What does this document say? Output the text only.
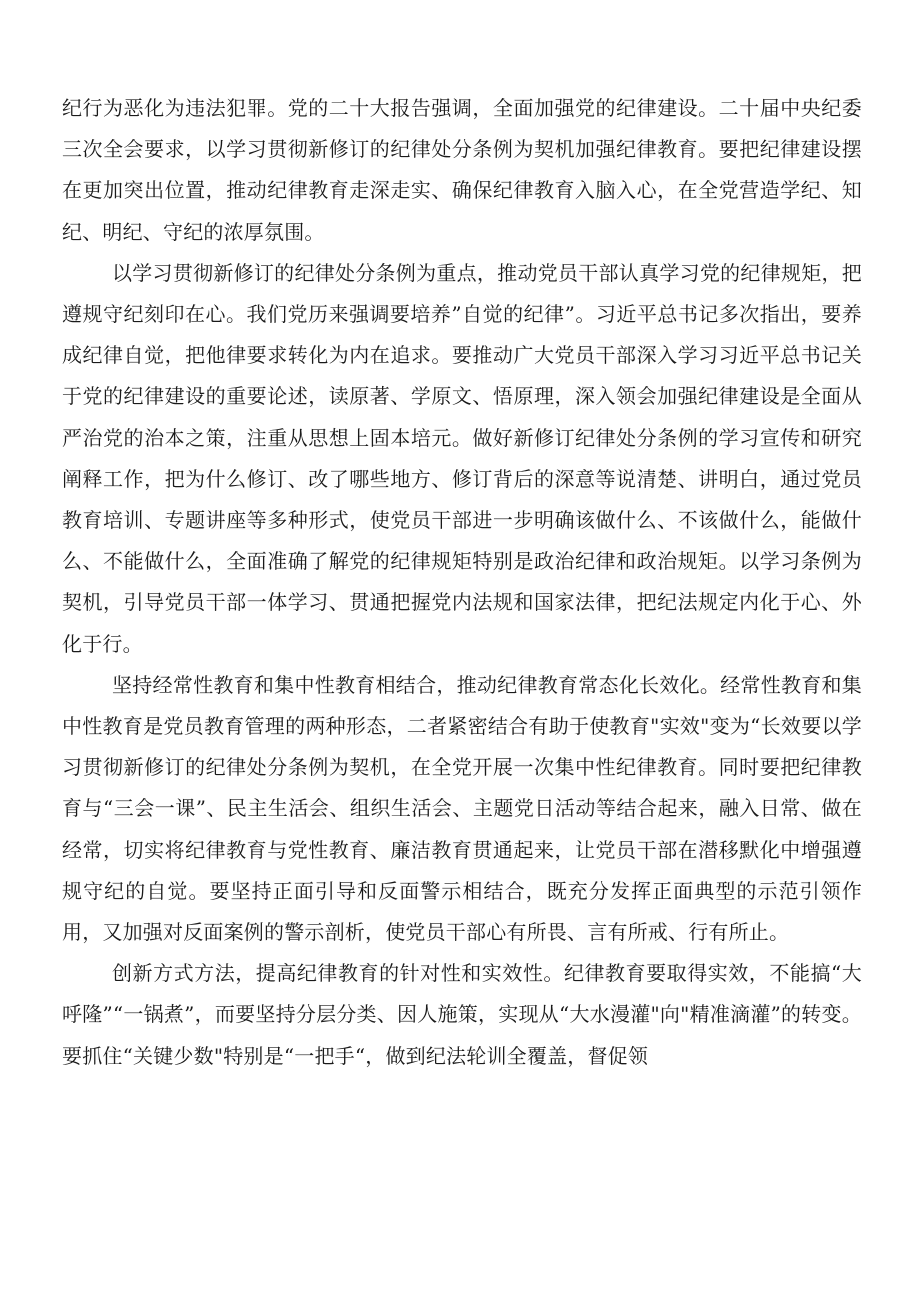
纪行为恶化为违法犯罪。党的二十大报告强调，全面加强党的纪律建设。二十届中央纪委三次全会要求，以学习贯彻新修订的纪律处分条例为契机加强纪律教育。要把纪律建设摆在更加突出位置，推动纪律教育走深走实、确保纪律教育入脑入心，在全党营造学纪、知纪、明纪、守纪的浓厚氛围。

以学习贯彻新修订的纪律处分条例为重点，推动党员干部认真学习党的纪律规矩，把遵规守纪刻印在心。我们党历来强调要培养”自觉的纪律”。习近平总书记多次指出，要养成纪律自觉，把他律要求转化为内在追求。要推动广大党员干部深入学习习近平总书记关于党的纪律建设的重要论述，读原著、学原文、悟原理，深入领会加强纪律建设是全面从严治党的治本之策，注重从思想上固本培元。做好新修订纪律处分条例的学习宣传和研究阐释工作，把为什么修订、改了哪些地方、修订背后的深意等说清楚、讲明白，通过党员教育培训、专题讲座等多种形式，使党员干部进一步明确该做什么、不该做什么，能做什么、不能做什么，全面准确了解党的纪律规矩特别是政治纪律和政治规矩。以学习条例为契机，引导党员干部一体学习、贯通把握党内法规和国家法律，把纪法规定内化于心、外化于行。

坚持经常性教育和集中性教育相结合，推动纪律教育常态化长效化。经常性教育和集中性教育是党员教育管理的两种形态，二者紧密结合有助于使教育"实效"变为“长效要以学习贯彻新修订的纪律处分条例为契机，在全党开展一次集中性纪律教育。同时要把纪律教育与“三会一课”、民主生活会、组织生活会、主题党日活动等结合起来，融入日常、做在经常，切实将纪律教育与党性教育、廉洁教育贯通起来，让党员干部在潜移默化中增强遵规守纪的自觉。要坚持正面引导和反面警示相结合，既充分发挥正面典型的示范引领作用，又加强对反面案例的警示剖析，使党员干部心有所畏、言有所戒、行有所止。

创新方式方法，提高纪律教育的针对性和实效性。纪律教育要取得实效，不能搞“大呼隆”“一锅煮”，而要坚持分层分类、因人施策，实现从“大水漫灌"向"精准滴灌”的转变。要抓住“关键少数"特别是“一把手“，做到纪法轮训全覆盖，督促领
